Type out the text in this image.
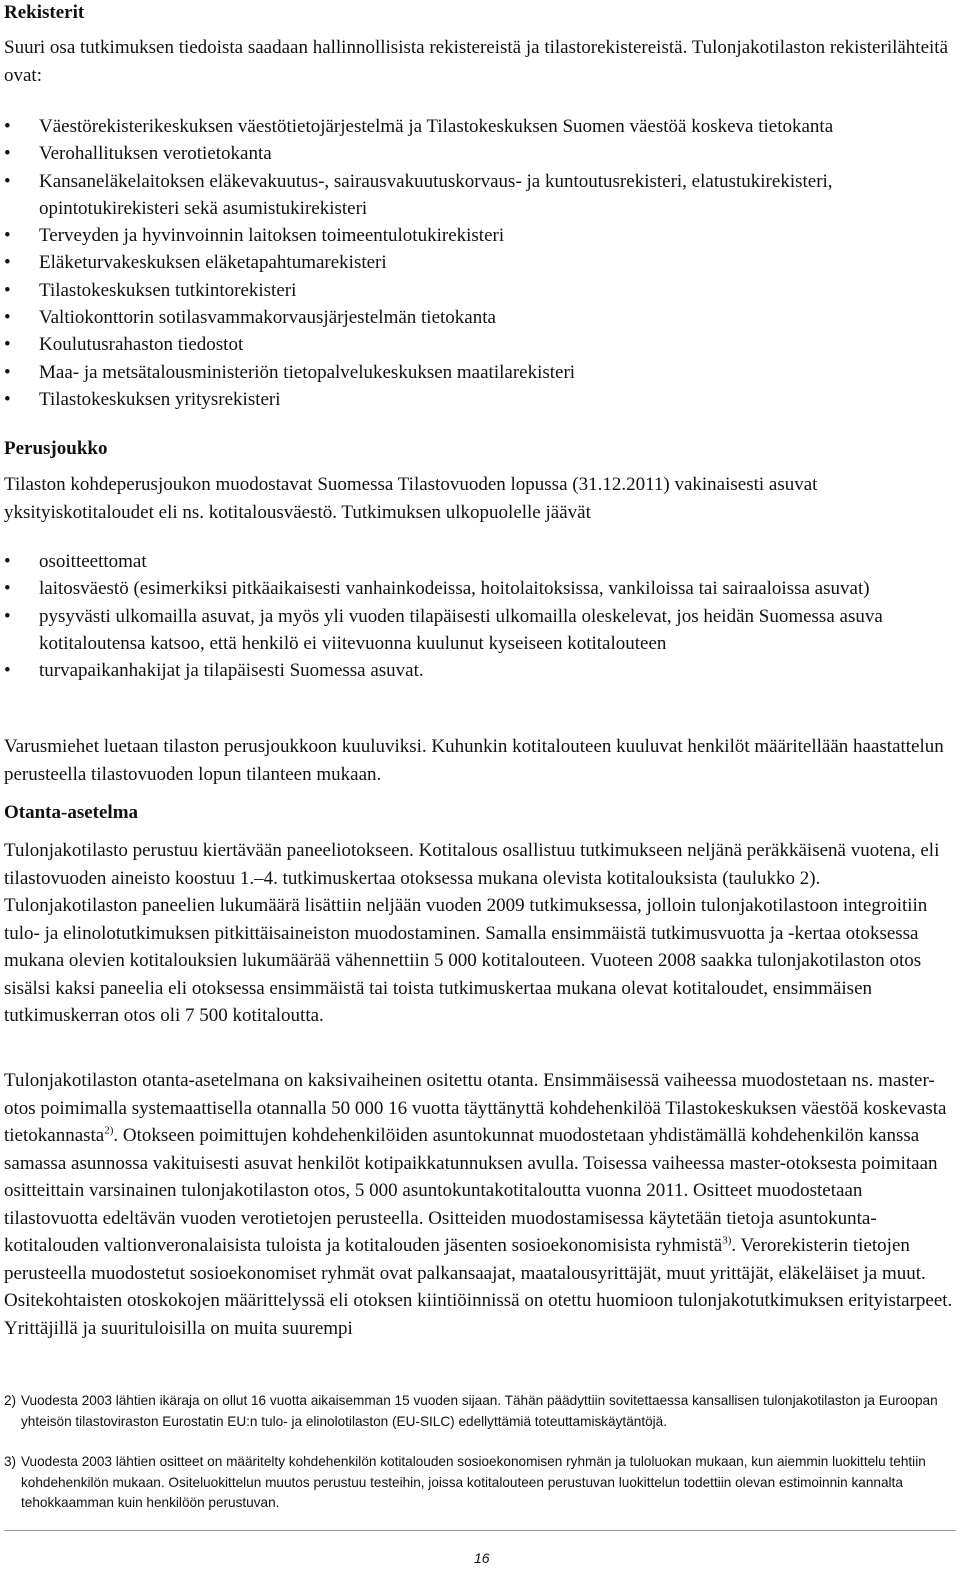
Rekisterit

Suuri osa tutkimuksen tiedoista saadaan hallinnollisista rekistereistä ja tilastorekistereistä. Tulonjakotilaston rekisterilähteitä ovat:

• Väestörekisterikeskuksen väestötietojärjestelmä ja Tilastokeskuksen Suomen väestöä koskeva tietokanta
• Verohallituksen verotietokanta
• Kansaneläkelaitoksen eläkevakuutus-, sairausvakuutuskorvaus- ja kuntoutusrekisteri, elatustukirekisteri, opintotukirekisteri sekä asumistukirekisteri
• Terveyden ja hyvinvoinnin laitoksen toimeentulotukirekisteri
• Eläketurvakeskuksen eläketapahtumarekisteri
• Tilastokeskuksen tutkintorekisteri
• Valtiokonttorin sotilasvammakorvausjärjestelmän tietokanta
• Koulutusrahaston tiedostot
• Maa- ja metsätalousministeriön tietopalvelukeskuksen maatilarekisteri
• Tilastokeskuksen yritysrekisteri
Perusjoukko

Tilaston kohdeperusjoukon muodostavat Suomessa Tilastovuoden lopussa (31.12.2011) vakinaisesti asuvat yksityiskotitaloudet eli ns. kotitalousväestö. Tutkimuksen ulkopuolelle jäävät

• osoitteettomat
• laitosväestö (esimerkiksi pitkäaikaisesti vanhainkodeissa, hoitolaitoksissa, vankiloissa tai sairaaloissa asuvat)
• pysyvästi ulkomailla asuvat, ja myös yli vuoden tilapäisesti ulkomailla oleskelevat, jos heidän Suomessa asuva kotitaloutensa katsoo, että henkilö ei viitevuonna kuulunut kyseiseen kotitalouteen
• turvapaikanhakijat ja tilapäisesti Suomessa asuvat.

Varusmiehet luetaan tilaston perusjoukkoon kuuluviksi. Kuhunkin kotitalouteen kuuluvat henkilöt määritellään haastattelun perusteella tilastovuoden lopun tilanteen mukaan.

Otanta-asetelma

Tulonjakotilasto perustuu kiertävään paneeliotokseen. Kotitalous osallistuu tutkimukseen neljänä peräkkäisenä vuotena, eli tilastovuoden aineisto koostuu 1.–4. tutkimuskertaa otoksessa mukana olevista kotitalouksista (taulukko 2). Tulonjakotilaston paneelien lukumäärä lisättiin neljään vuoden 2009 tutkimuksessa, jolloin tulonjakotilastoon integroitiin tulo- ja elinolotutkimuksen pitkittäisaineiston muodostaminen. Samalla ensimmäistä tutkimusvuotta ja -kertaa otoksessa mukana olevien kotitalouksien lukumäärää vähennettiin 5 000 kotitalouteen. Vuoteen 2008 saakka tulonjakotilaston otos sisälsi kaksi paneelia eli otoksessa ensimmäistä tai toista tutkimuskertaa mukana olevat kotitaloudet, ensimmäisen tutkimuskerran otos oli 7 500 kotitaloutta.

Tulonjakotilaston otanta-asetelmana on kaksivaiheinen ositettu otanta. Ensimmäisessä vaiheessa muodostetaan ns. master-otos poimimalla systemaattisella otannalla 50 000 16 vuotta täyttänyttä kohdehenkilöä Tilastokeskuksen väestöä koskevasta tietokannasta$^{2)}$. Otokseen poimittujen kohdehenkilöiden asuntokunnat muodostetaan yhdistämällä kohdehenkilön kanssa samassa asunnossa vakituisesti asuvat henkilöt kotipaikkatunnuksen avulla. Toisessa vaiheessa master-otoksesta poimitaan ositteittain varsinainen tulonjakotilaston otos, 5 000 asuntokuntakotitaloutta vuonna 2011. Ositteet muodostetaan tilastovuotta edeltävän vuoden verotietojen perusteella. Ositteiden muodostamisessa käytetään tietoja asuntokuntakotitalouden valtionveronalaisista tuloista ja kotitalouden jäsenten sosioekonomisista ryhmistä$^{3)}$. Verorekisterin tietojen perusteella muodostetut sosioekonomiset ryhmät ovat palkansaajat, maatalousyrittäjät, muut yrittäjät, eläkeläiset ja muut. Ositekohtaisten otoskokojen määrittelyssä eli otoksen kiintiöinnissä on otettu huomioon tulonjakotutkimuksen erityistarpeet. Yrittäjillä ja suurituloisilla on muita suurempi

2) Vuodesta 2003 lähtien ikäraja on ollut 16 vuotta aikaisemman 15 vuoden sijaan. Tähän päädyttiin sovitettaessa kansallisen tulonjakotilaston ja Euroopan yhteisön tilastoviraston Eurostatin EU:n tulo- ja elinolotilaston (EU-SILC) edellyttämiä toteuttamiskäytäntöjä.
3) Vuodesta 2003 lähtien ositteet on määritelty kohdehenkilön kotitalouden sosioekonomisen ryhmän ja tuloluokan mukaan, kun aiemmin luokittelu tehtiin kohdehenkilön mukaan. Ositeluokittelun muutos perustuu testeihin, joissa kotitalouteen perustuvan luokittelun todettiin olevan estimoinnin kannalta tehokkaamman kuin henkilöön perustuvan.
16
